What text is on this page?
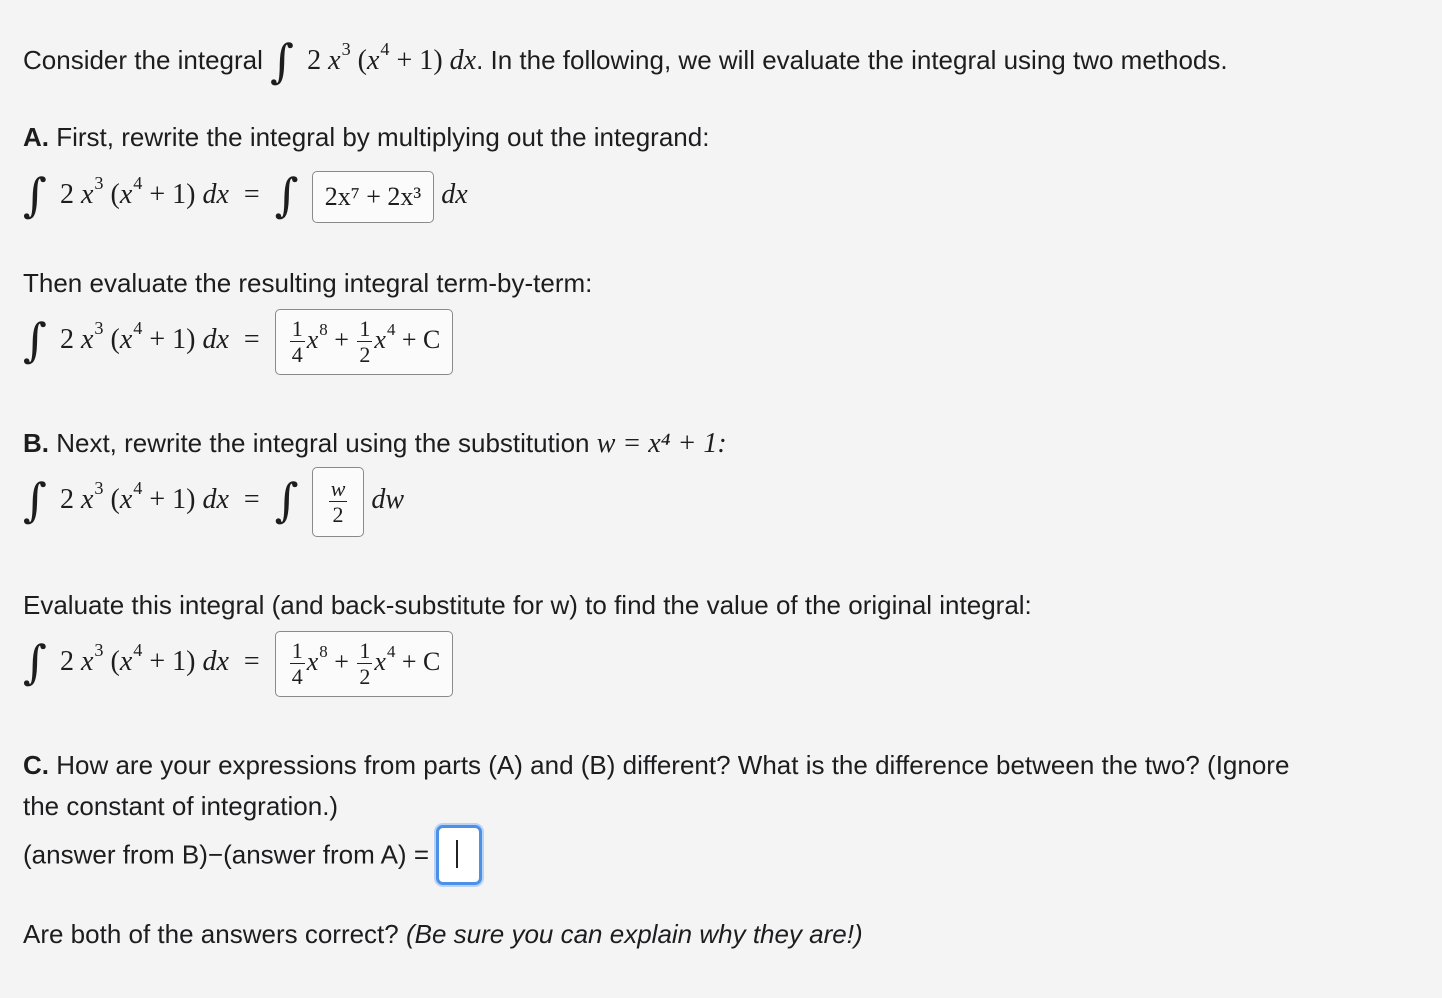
Consider the integral ∫ 2 $x^3$ $(x^4 + 1)$ dx. In the following, we will evaluate the integral using two methods.
A. First, rewrite the integral by multiplying out the integrand:
∫ 2 $x^3$ $(x^4 + 1)$ dx = ∫ 2x⁷ + 2x³ dx
Then evaluate the resulting integral term-by-term:
∫ 2 $x^3$ $(x^4 + 1)$ dx = $\frac{1}{4} x^8 + \frac{1}{2} x^4 + C$
B. Next, rewrite the integral using the substitution w = x⁴ + 1:
∫ 2 $x^3$ $(x^4 + 1)$ dx = ∫ $\frac{w}{2}$ dw
Evaluate this integral (and back-substitute for w) to find the value of the original integral:
∫ 2 $x^3$ $(x^4 + 1)$ dx = $\frac{1}{4} x^8 + \frac{1}{2} x^4 + C$
C. How are your expressions from parts (A) and (B) different? What is the difference between the two? (Ignore
the constant of integration.)
(answer from B)−(answer from A) =
Are both of the answers correct? (Be sure you can explain why they are!)
